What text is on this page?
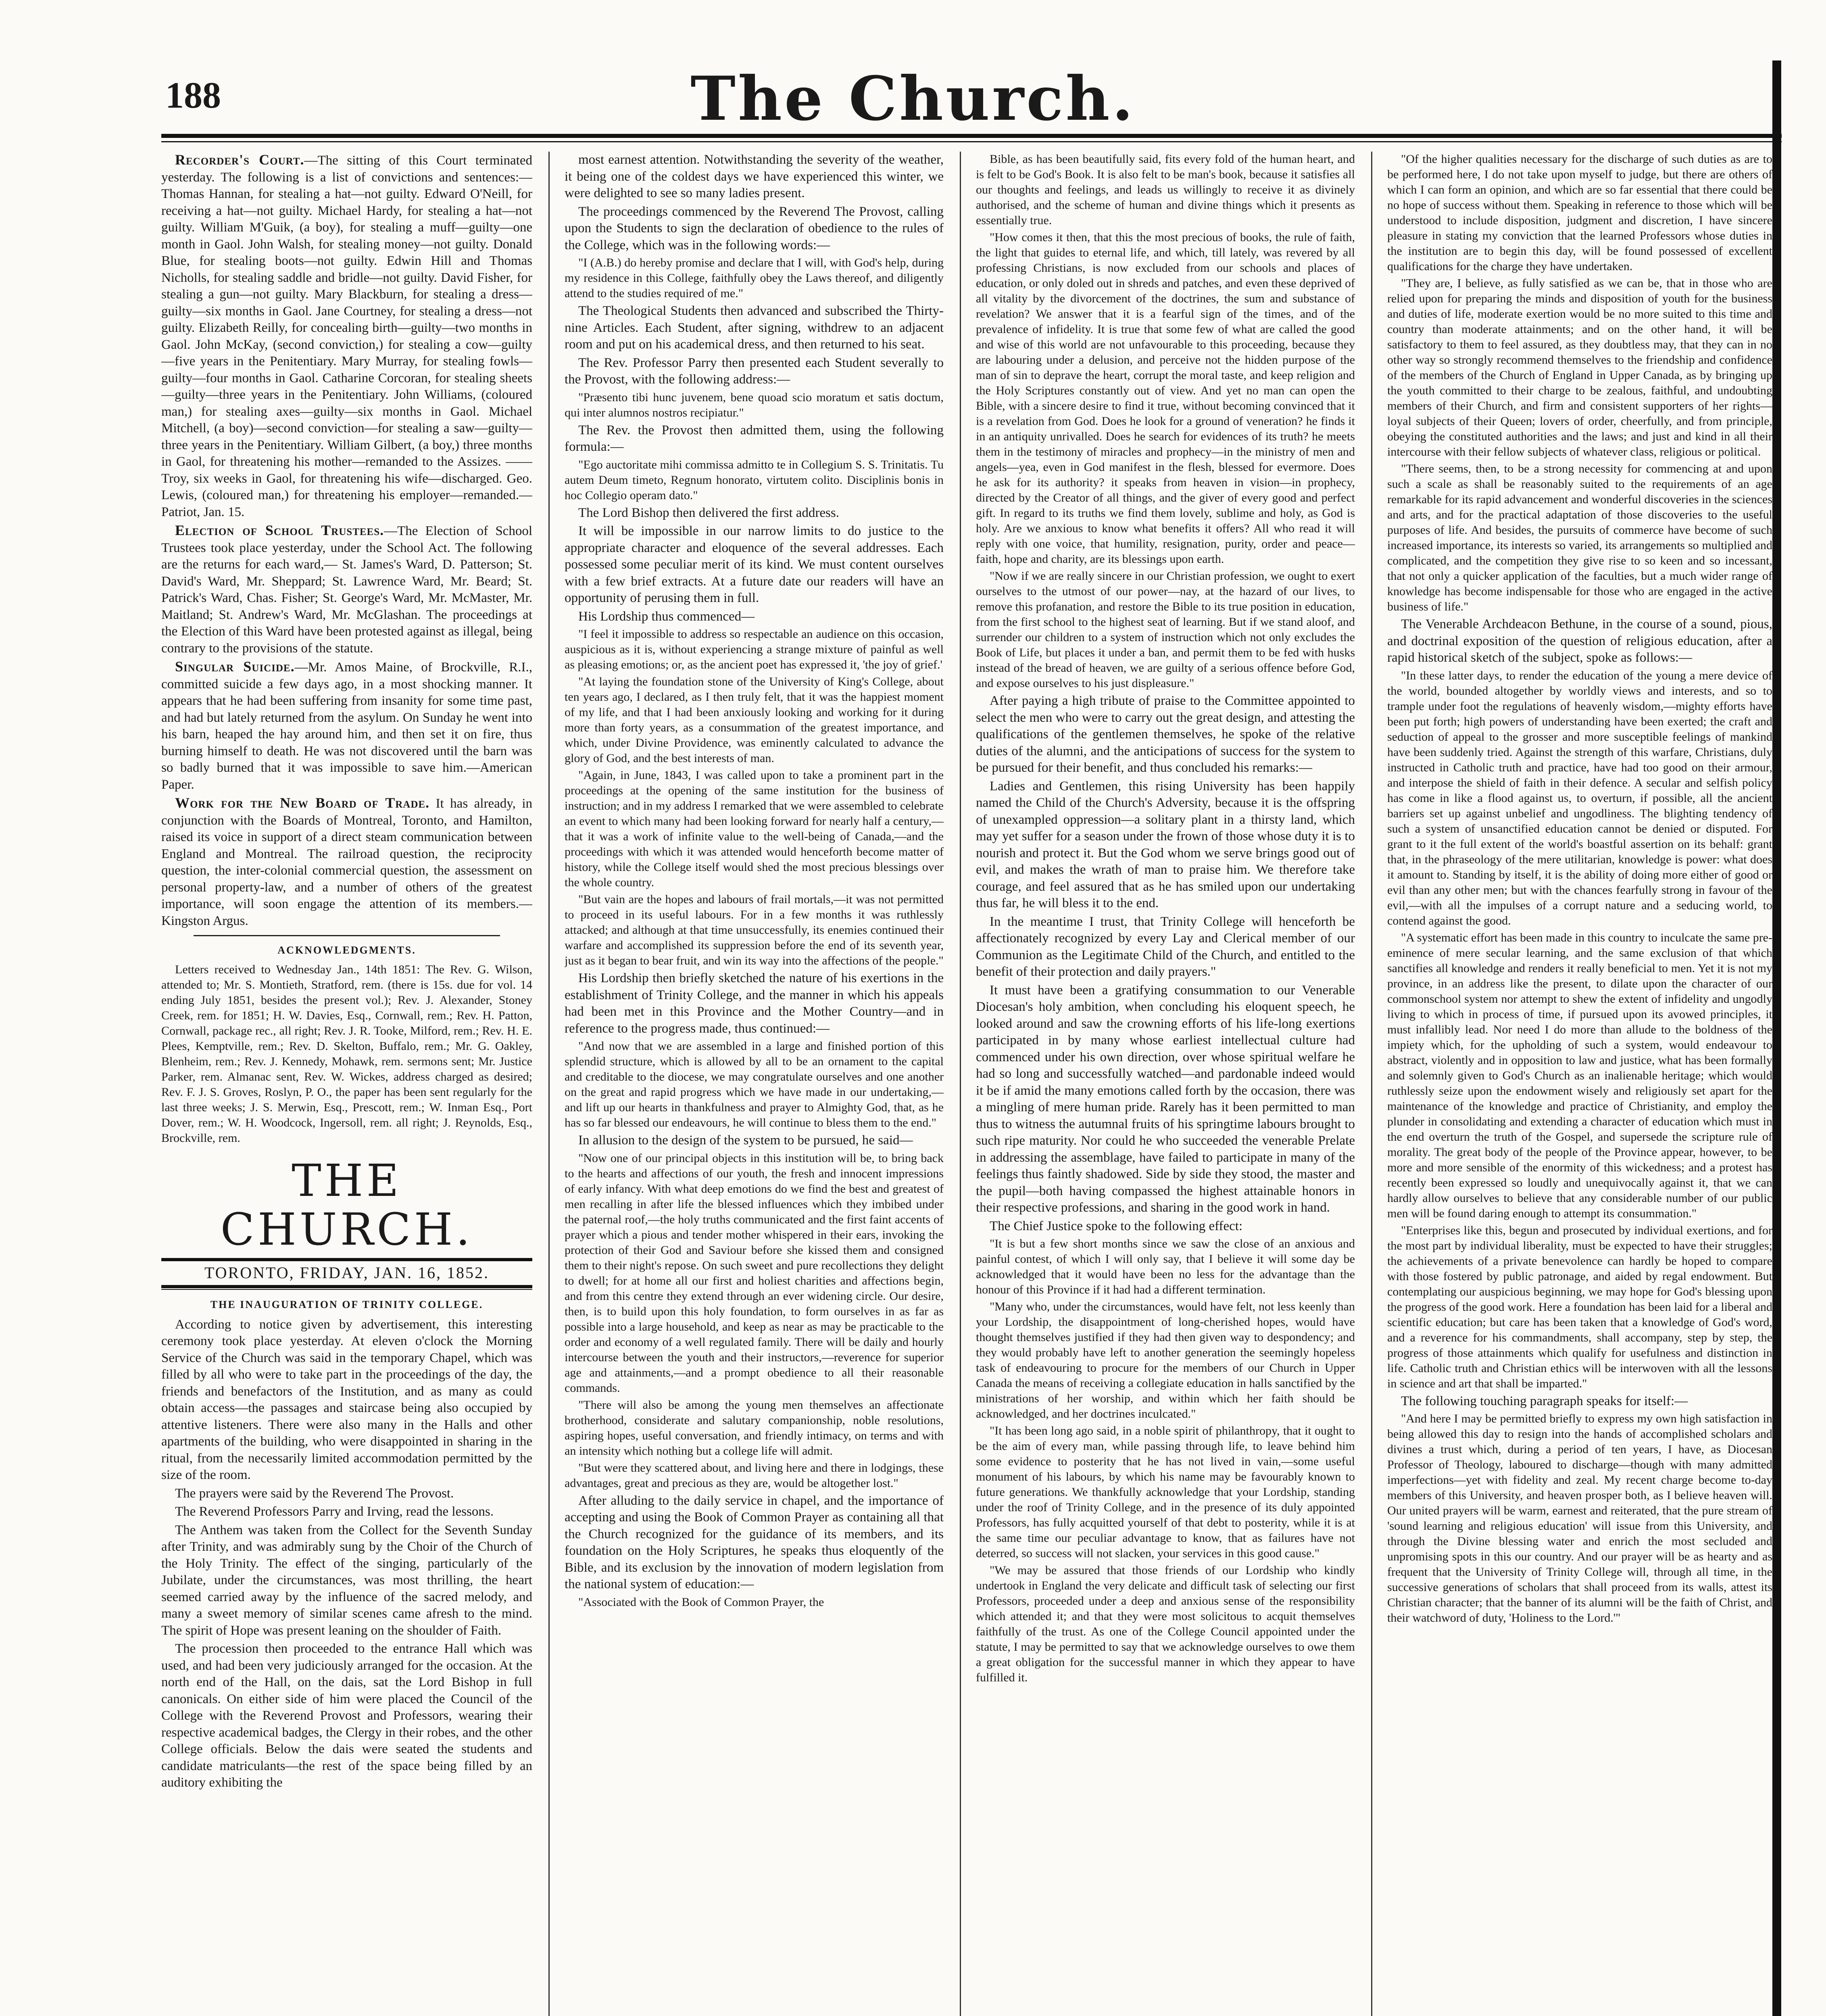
188	The Church.

Recorder's Court.—The sitting of this Court terminated yesterday. The following is a list of convictions and sentences:— Thomas Hannan, for stealing a hat—not guilty. Edward O'Neill, for receiving a hat—not guilty. Michael Hardy, for stealing a hat—not guilty. William M'Guik, (a boy), for stealing a muff—guilty—one month in Gaol. John Walsh, for stealing money—not guilty. Donald Blue, for stealing boots—not guilty. Edwin Hill and Thomas Nicholls, for stealing saddle and bridle—not guilty. David Fisher, for stealing a gun—not guilty. Mary Blackburn, for stealing a dress—guilty—six months in Gaol. Jane Courtney, for stealing a dress—not guilty. Elizabeth Reilly, for concealing birth—guilty—two months in Gaol. John McKay, (second conviction,) for stealing a cow—guilty—five years in the Penitentiary. Mary Murray, for stealing fowls—guilty—four months in Gaol. Catharine Corcoran, for stealing sheets—guilty—three years in the Penitentiary. John Williams, (coloured man,) for stealing axes—guilty—six months in Gaol. Michael Mitchell, (a boy)—second conviction—for stealing a saw—guilty—three years in the Penitentiary. William Gilbert, (a boy,) three months in Gaol, for threatening his mother—remanded to the Assizes. —— Troy, six weeks in Gaol, for threatening his wife—discharged. Geo. Lewis, (coloured man,) for threatening his employer—remanded.—Patriot, Jan. 15.

Election of School Trustees.—The Election of School Trustees took place yesterday, under the School Act. The following are the returns for each ward,— St. James's Ward, D. Patterson; St. David's Ward, Mr. Sheppard; St. Lawrence Ward, Mr. Beard; St. Patrick's Ward, Chas. Fisher; St. George's Ward, Mr. McMaster, Mr. Maitland; St. Andrew's Ward, Mr. McGlashan. The proceedings at the Election of this Ward have been protested against as illegal, being contrary to the provisions of the statute.

Singular Suicide.—Mr. Amos Maine, of Brockville, R.I., committed suicide a few days ago, in a most shocking manner. It appears that he had been suffering from insanity for some time past, and had but lately returned from the asylum. On Sunday he went into his barn, heaped the hay around him, and then set it on fire, thus burning himself to death. He was not discovered until the barn was so badly burned that it was impossible to save him.—American Paper.

Work for the New Board of Trade. It has already, in conjunction with the Boards of Montreal, Toronto, and Hamilton, raised its voice in support of a direct steam communication between England and Montreal. The railroad question, the reciprocity question, the inter-colonial commercial question, the assessment on personal property-law, and a number of others of the greatest importance, will soon engage the attention of its members.—Kingston Argus.

ACKNOWLEDGMENTS.

Letters received to Wednesday Jan., 14th 1851: The Rev. G. Wilson, attended to; Mr. S. Montieth, Stratford, rem. (there is 15s. due for vol. 14 ending July 1851, besides the present vol.); Rev. J. Alexander, Stoney Creek, rem. for 1851; H. W. Davies, Esq., Cornwall, rem.; Rev. H. Patton, Cornwall, package rec., all right; Rev. J. R. Tooke, Milford, rem.; Rev. H. E. Plees, Kemptville, rem.; Rev. D. Skelton, Buffalo, rem.; Mr. G. Oakley, Blenheim, rem.; Rev. J. Kennedy, Mohawk, rem. sermons sent; Mr. Justice Parker, rem. Almanac sent, Rev. W. Wickes, address charged as desired; Rev. F. J. S. Groves, Roslyn, P. O., the paper has been sent regularly for the last three weeks; J. S. Merwin, Esq., Prescott, rem.; W. Inman Esq., Port Dover, rem.; W. H. Woodcock, Ingersoll, rem. all right; J. Reynolds, Esq., Brockville, rem.

THE CHURCH.
TORONTO, FRIDAY, JAN. 16, 1852.
THE INAUGURATION OF TRINITY COLLEGE.

According to notice given by advertisement, this interesting ceremony took place yesterday. At eleven o'clock the Morning Service of the Church was said in the temporary Chapel, which was filled by all who were to take part in the proceedings of the day, the friends and benefactors of the Institution, and as many as could obtain access—the passages and staircase being also occupied by attentive listeners. There were also many in the Halls and other apartments of the building, who were disappointed in sharing in the ritual, from the necessarily limited accommodation permitted by the size of the room.

The prayers were said by the Reverend The Provost.

The Reverend Professors Parry and Irving, read the lessons.

The Anthem was taken from the Collect for the Seventh Sunday after Trinity, and was admirably sung by the Choir of the Church of the Holy Trinity. The effect of the singing, particularly of the Jubilate, under the circumstances, was most thrilling, the heart seemed carried away by the influence of the sacred melody, and many a sweet memory of similar scenes came afresh to the mind. The spirit of Hope was present leaning on the shoulder of Faith.

The procession then proceeded to the entrance Hall which was used, and had been very judiciously arranged for the occasion. At the north end of the Hall, on the dais, sat the Lord Bishop in full canonicals. On either side of him were placed the Council of the College with the Reverend Provost and Professors, wearing their respective academical badges, the Clergy in their robes, and the other College officials. Below the dais were seated the students and candidate matriculants—the rest of the space being filled by an auditory exhibiting the

most earnest attention. Notwithstanding the severity of the weather, it being one of the coldest days we have experienced this winter, we were delighted to see so many ladies present.

The proceedings commenced by the Reverend The Provost, calling upon the Students to sign the declaration of obedience to the rules of the College, which was in the following words:—

"I (A.B.) do hereby promise and declare that I will, with God's help, during my residence in this College, faithfully obey the Laws thereof, and diligently attend to the studies required of me."

The Theological Students then advanced and subscribed the Thirty-nine Articles. Each Student, after signing, withdrew to an adjacent room and put on his academical dress, and then returned to his seat.

The Rev. Professor Parry then presented each Student severally to the Provost, with the following address:—

"Præsento tibi hunc juvenem, bene quoad scio moratum et satis doctum, qui inter alumnos nostros recipiatur."

The Rev. the Provost then admitted them, using the following formula:—

"Ego auctoritate mihi commissa admitto te in Collegium S. S. Trinitatis. Tu autem Deum timeto, Regnum honorato, virtutem colito. Disciplinis bonis in hoc Collegio operam dato."

The Lord Bishop then delivered the first address.

It will be impossible in our narrow limits to do justice to the appropriate character and eloquence of the several addresses. Each possessed some peculiar merit of its kind. We must content ourselves with a few brief extracts. At a future date our readers will have an opportunity of perusing them in full.

His Lordship thus commenced—

"I feel it impossible to address so respectable an audience on this occasion, auspicious as it is, without experiencing a strange mixture of painful as well as pleasing emotions; or, as the ancient poet has expressed it, 'the joy of grief.'

"At laying the foundation stone of the University of King's College, about ten years ago, I declared, as I then truly felt, that it was the happiest moment of my life, and that I had been anxiously looking and working for it during more than forty years, as a consummation of the greatest importance, and which, under Divine Providence, was eminently calculated to advance the glory of God, and the best interests of man.

"Again, in June, 1843, I was called upon to take a prominent part in the proceedings at the opening of the same institution for the business of instruction; and in my address I remarked that we were assembled to celebrate an event to which many had been looking forward for nearly half a century,—that it was a work of infinite value to the well-being of Canada,—and the proceedings with which it was attended would henceforth become matter of history, while the College itself would shed the most precious blessings over the whole country.

"But vain are the hopes and labours of frail mortals,—it was not permitted to proceed in its useful labours. For in a few months it was ruthlessly attacked; and although at that time unsuccessfully, its enemies continued their warfare and accomplished its suppression before the end of its seventh year, just as it began to bear fruit, and win its way into the affections of the people."

His Lordship then briefly sketched the nature of his exertions in the establishment of Trinity College, and the manner in which his appeals had been met in this Province and the Mother Country—and in reference to the progress made, thus continued:—

"And now that we are assembled in a large and finished portion of this splendid structure, which is allowed by all to be an ornament to the capital and creditable to the diocese, we may congratulate ourselves and one another on the great and rapid progress which we have made in our undertaking,—and lift up our hearts in thankfulness and prayer to Almighty God, that, as he has so far blessed our endeavours, he will continue to bless them to the end."

In allusion to the design of the system to be pursued, he said—

"Now one of our principal objects in this institution will be, to bring back to the hearts and affections of our youth, the fresh and innocent impressions of early infancy. With what deep emotions do we find the best and greatest of men recalling in after life the blessed influences which they imbibed under the paternal roof,—the holy truths communicated and the first faint accents of prayer which a pious and tender mother whispered in their ears, invoking the protection of their God and Saviour before she kissed them and consigned them to their night's repose. On such sweet and pure recollections they delight to dwell; for at home all our first and holiest charities and affections begin, and from this centre they extend through an ever widening circle. Our desire, then, is to build upon this holy foundation, to form ourselves in as far as possible into a large household, and keep as near as may be practicable to the order and economy of a well regulated family. There will be daily and hourly intercourse between the youth and their instructors,—reverence for superior age and attainments,—and a prompt obedience to all their reasonable commands.

"There will also be among the young men themselves an affectionate brotherhood, considerate and salutary companionship, noble resolutions, aspiring hopes, useful conversation, and friendly intimacy, on terms and with an intensity which nothing but a college life will admit.

"But were they scattered about, and living here and there in lodgings, these advantages, great and precious as they are, would be altogether lost."

After alluding to the daily service in chapel, and the importance of accepting and using the Book of Common Prayer as containing all that the Church recognized for the guidance of its members, and its foundation on the Holy Scriptures, he speaks thus eloquently of the Bible, and its exclusion by the innovation of modern legislation from the national system of education:—

"Associated with the Book of Common Prayer, the

Bible, as has been beautifully said, fits every fold of the human heart, and is felt to be God's Book. It is also felt to be man's book, because it satisfies all our thoughts and feelings, and leads us willingly to receive it as divinely authorised, and the scheme of human and divine things which it presents as essentially true.

"How comes it then, that this the most precious of books, the rule of faith, the light that guides to eternal life, and which, till lately, was revered by all professing Christians, is now excluded from our schools and places of education, or only doled out in shreds and patches, and even these deprived of all vitality by the divorcement of the doctrines, the sum and substance of revelation? We answer that it is a fearful sign of the times, and of the prevalence of infidelity. It is true that some few of what are called the good and wise of this world are not unfavourable to this proceeding, because they are labouring under a delusion, and perceive not the hidden purpose of the man of sin to deprave the heart, corrupt the moral taste, and keep religion and the Holy Scriptures constantly out of view. And yet no man can open the Bible, with a sincere desire to find it true, without becoming convinced that it is a revelation from God. Does he look for a ground of veneration? he finds it in an antiquity unrivalled. Does he search for evidences of its truth? he meets them in the testimony of miracles and prophecy—in the ministry of men and angels—yea, even in God manifest in the flesh, blessed for evermore. Does he ask for its authority? it speaks from heaven in vision—in prophecy, directed by the Creator of all things, and the giver of every good and perfect gift. In regard to its truths we find them lovely, sublime and holy, as God is holy. Are we anxious to know what benefits it offers? All who read it will reply with one voice, that humility, resignation, purity, order and peace—faith, hope and charity, are its blessings upon earth.

"Now if we are really sincere in our Christian profession, we ought to exert ourselves to the utmost of our power—nay, at the hazard of our lives, to remove this profanation, and restore the Bible to its true position in education, from the first school to the highest seat of learning. But if we stand aloof, and surrender our children to a system of instruction which not only excludes the Book of Life, but places it under a ban, and permit them to be fed with husks instead of the bread of heaven, we are guilty of a serious offence before God, and expose ourselves to his just displeasure."

After paying a high tribute of praise to the Committee appointed to select the men who were to carry out the great design, and attesting the qualifications of the gentlemen themselves, he spoke of the relative duties of the alumni, and the anticipations of success for the system to be pursued for their benefit, and thus concluded his remarks:—

Ladies and Gentlemen, this rising University has been happily named the Child of the Church's Adversity, because it is the offspring of unexampled oppression—a solitary plant in a thirsty land, which may yet suffer for a season under the frown of those whose duty it is to nourish and protect it. But the God whom we serve brings good out of evil, and makes the wrath of man to praise him. We therefore take courage, and feel assured that as he has smiled upon our undertaking thus far, he will bless it to the end.

In the meantime I trust, that Trinity College will henceforth be affectionately recognized by every Lay and Clerical member of our Communion as the Legitimate Child of the Church, and entitled to the benefit of their protection and daily prayers."

It must have been a gratifying consummation to our Venerable Diocesan's holy ambition, when concluding his eloquent speech, he looked around and saw the crowning efforts of his life-long exertions participated in by many whose earliest intellectual culture had commenced under his own direction, over whose spiritual welfare he had so long and successfully watched—and pardonable indeed would it be if amid the many emotions called forth by the occasion, there was a mingling of mere human pride. Rarely has it been permitted to man thus to witness the autumnal fruits of his springtime labours brought to such ripe maturity. Nor could he who succeeded the venerable Prelate in addressing the assemblage, have failed to participate in many of the feelings thus faintly shadowed. Side by side they stood, the master and the pupil—both having compassed the highest attainable honors in their respective professions, and sharing in the good work in hand.

The Chief Justice spoke to the following effect:

"It is but a few short months since we saw the close of an anxious and painful contest, of which I will only say, that I believe it will some day be acknowledged that it would have been no less for the advantage than the honour of this Province if it had had a different termination.

"Many who, under the circumstances, would have felt, not less keenly than your Lordship, the disappointment of long-cherished hopes, would have thought themselves justified if they had then given way to despondency; and they would probably have left to another generation the seemingly hopeless task of endeavouring to procure for the members of our Church in Upper Canada the means of receiving a collegiate education in halls sanctified by the ministrations of her worship, and within which her faith should be acknowledged, and her doctrines inculcated."

"It has been long ago said, in a noble spirit of philanthropy, that it ought to be the aim of every man, while passing through life, to leave behind him some evidence to posterity that he has not lived in vain,—some useful monument of his labours, by which his name may be favourably known to future generations. We thankfully acknowledge that your Lordship, standing under the roof of Trinity College, and in the presence of its duly appointed Professors, has fully acquitted yourself of that debt to posterity, while it is at the same time our peculiar advantage to know, that as failures have not deterred, so success will not slacken, your services in this good cause."

"We may be assured that those friends of our Lordship who kindly undertook in England the very delicate and difficult task of selecting our first Professors, proceeded under a deep and anxious sense of the responsibility which attended it; and that they were most solicitous to acquit themselves faithfully of the trust. As one of the College Council appointed under the statute, I may be permitted to say that we acknowledge ourselves to owe them a great obligation for the successful manner in which they appear to have fulfilled it.

"Of the higher qualities necessary for the discharge of such duties as are to be performed here, I do not take upon myself to judge, but there are others of which I can form an opinion, and which are so far essential that there could be no hope of success without them. Speaking in reference to those which will be understood to include disposition, judgment and discretion, I have sincere pleasure in stating my conviction that the learned Professors whose duties in the institution are to begin this day, will be found possessed of excellent qualifications for the charge they have undertaken.

"They are, I believe, as fully satisfied as we can be, that in those who are relied upon for preparing the minds and disposition of youth for the business and duties of life, moderate exertion would be no more suited to this time and country than moderate attainments; and on the other hand, it will be satisfactory to them to feel assured, as they doubtless may, that they can in no other way so strongly recommend themselves to the friendship and confidence of the members of the Church of England in Upper Canada, as by bringing up the youth committed to their charge to be zealous, faithful, and undoubting members of their Church, and firm and consistent supporters of her rights—loyal subjects of their Queen; lovers of order, cheerfully, and from principle, obeying the constituted authorities and the laws; and just and kind in all their intercourse with their fellow subjects of whatever class, religious or political.

"There seems, then, to be a strong necessity for commencing at and upon such a scale as shall be reasonably suited to the requirements of an age remarkable for its rapid advancement and wonderful discoveries in the sciences and arts, and for the practical adaptation of those discoveries to the useful purposes of life. And besides, the pursuits of commerce have become of such increased importance, its interests so varied, its arrangements so multiplied and complicated, and the competition they give rise to so keen and so incessant, that not only a quicker application of the faculties, but a much wider range of knowledge has become indispensable for those who are engaged in the active business of life."

The Venerable Archdeacon Bethune, in the course of a sound, pious, and doctrinal exposition of the question of religious education, after a rapid historical sketch of the subject, spoke as follows:—

"In these latter days, to render the education of the young a mere device of the world, bounded altogether by worldly views and interests, and so to trample under foot the regulations of heavenly wisdom,—mighty efforts have been put forth; high powers of understanding have been exerted; the craft and seduction of appeal to the grosser and more susceptible feelings of mankind have been suddenly tried. Against the strength of this warfare, Christians, duly instructed in Catholic truth and practice, have had too good on their armour, and interpose the shield of faith in their defence. A secular and selfish policy has come in like a flood against us, to overturn, if possible, all the ancient barriers set up against unbelief and ungodliness. The blighting tendency of such a system of unsanctified education cannot be denied or disputed. For grant to it the full extent of the world's boastful assertion on its behalf: grant that, in the phraseology of the mere utilitarian, knowledge is power: what does it amount to. Standing by itself, it is the ability of doing more either of good or evil than any other men; but with the chances fearfully strong in favour of the evil,—with all the impulses of a corrupt nature and a seducing world, to contend against the good.

"A systematic effort has been made in this country to inculcate the same pre-eminence of mere secular learning, and the same exclusion of that which sanctifies all knowledge and renders it really beneficial to men. Yet it is not my province, in an address like the present, to dilate upon the character of our commonschool system nor attempt to shew the extent of infidelity and ungodly living to which in process of time, if pursued upon its avowed principles, it must infallibly lead. Nor need I do more than allude to the boldness of the impiety which, for the upholding of such a system, would endeavour to abstract, violently and in opposition to law and justice, what has been formally and solemnly given to God's Church as an inalienable heritage; which would ruthlessly seize upon the endowment wisely and religiously set apart for the maintenance of the knowledge and practice of Christianity, and employ the plunder in consolidating and extending a character of education which must in the end overturn the truth of the Gospel, and supersede the scripture rule of morality. The great body of the people of the Province appear, however, to be more and more sensible of the enormity of this wickedness; and a protest has recently been expressed so loudly and unequivocally against it, that we can hardly allow ourselves to believe that any considerable number of our public men will be found daring enough to attempt its consummation."

"Enterprises like this, begun and prosecuted by individual exertions, and for the most part by individual liberality, must be expected to have their struggles; the achievements of a private benevolence can hardly be hoped to compare with those fostered by public patronage, and aided by regal endowment. But contemplating our auspicious beginning, we may hope for God's blessing upon the progress of the good work. Here a foundation has been laid for a liberal and scientific education; but care has been taken that a knowledge of God's word, and a reverence for his commandments, shall accompany, step by step, the progress of those attainments which qualify for usefulness and distinction in life. Catholic truth and Christian ethics will be interwoven with all the lessons in science and art that shall be imparted."

The following touching paragraph speaks for itself:—

"And here I may be permitted briefly to express my own high satisfaction in being allowed this day to resign into the hands of accomplished scholars and divines a trust which, during a period of ten years, I have, as Diocesan Professor of Theology, laboured to discharge—though with many admitted imperfections—yet with fidelity and zeal. My recent charge become to-day members of this University, and heaven prosper both, as I believe heaven will. Our united prayers will be warm, earnest and reiterated, that the pure stream of 'sound learning and religious education' will issue from this University, and through the Divine blessing water and enrich the most secluded and unpromising spots in this our country. And our prayer will be as hearty and as frequent that the University of Trinity College will, through all time, in the successive generations of scholars that shall proceed from its walls, attest its Christian character; that the banner of its alumni will be the faith of Christ, and their watchword of duty, 'Holiness to the Lord.'"
